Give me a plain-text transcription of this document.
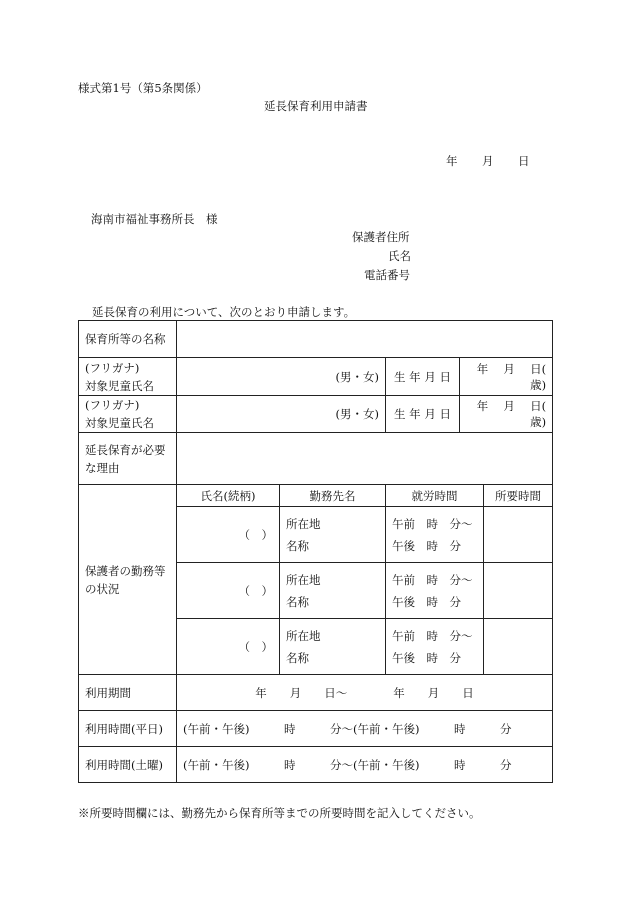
様式第1号（第5条関係）
延長保育利用申請書
年 月 日
海南市福祉事務所長　様
保護者住所
氏名
電話番号
延長保育の利用について、次のとおり申請します。
保育所等の名称					

(フリガナ)
対象児童氏名	(男・女)		生 年 月 日	年　 月　 日(　　 歳)	

(フリガナ)
対象児童氏名	(男・女)		生 年 月 日	年　 月　 日(　　 歳)	

延長保育が必要
な理由					

保護者の勤務等
の状況	氏名(続柄)	勤務先名	就労時間		所要時間
	（　）	所在地
名称	午前　時　分～
午後　時　分		

	（　）	所在地
名称	午前　時　分～
午後　時　分		

	（　）	所在地
名称	午前　時　分～
午後　時　分		

利用期間	年　　月　　日～　　　　年　　月　　日				
利用時間(平日)	(午前・午後)　　　時　　　分～(午前・午後)　　　時　　　分				
利用時間(土曜)	(午前・午後)　　　時　　　分～(午前・午後)　　　時　　　分				
※所要時間欄には、勤務先から保育所等までの所要時間を記入してください。
